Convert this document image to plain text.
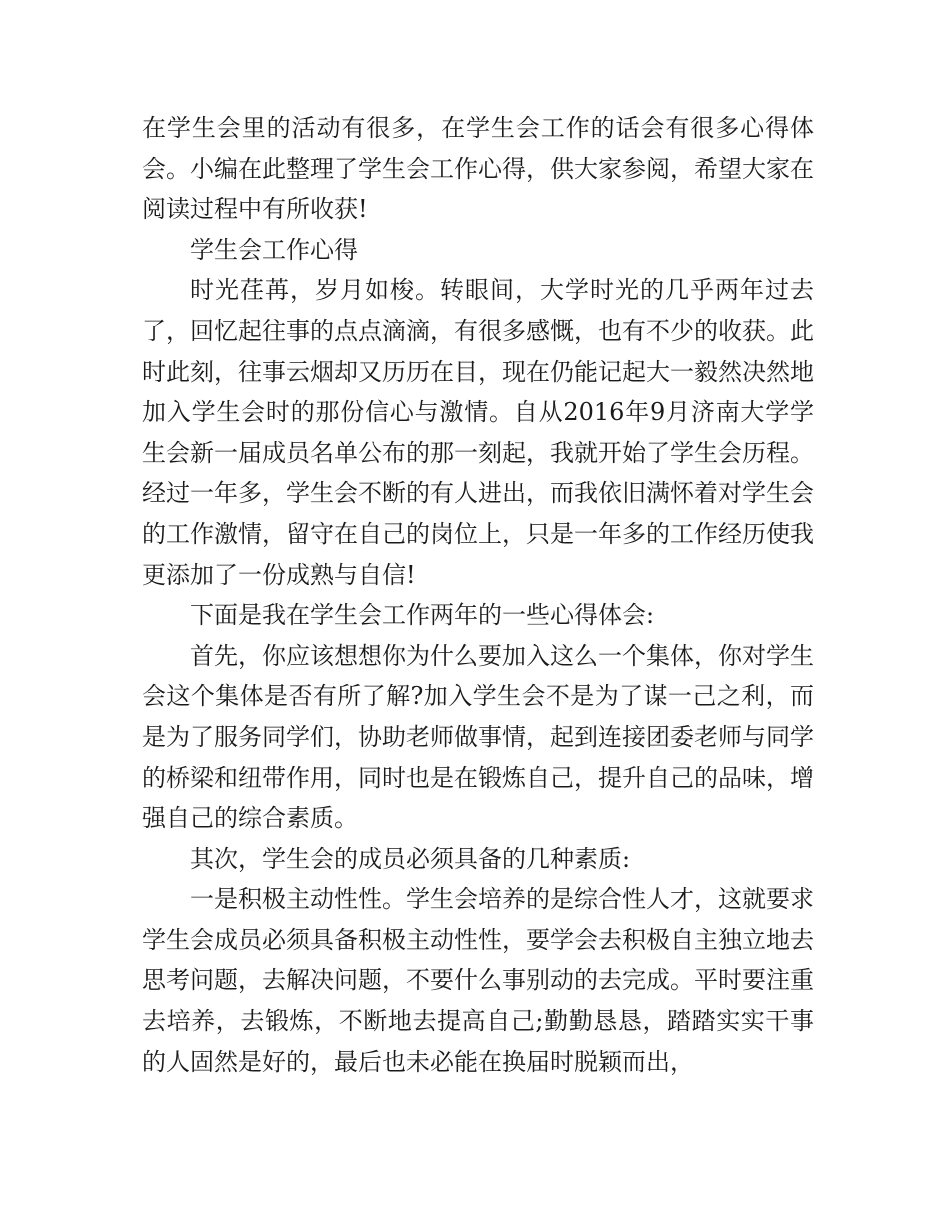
在学生会里的活动有很多，在学生会工作的话会有很多心得体会。小编在此整理了学生会工作心得，供大家参阅，希望大家在阅读过程中有所收获!

学生会工作心得

时光荏苒，岁月如梭。转眼间，大学时光的几乎两年过去了，回忆起往事的点点滴滴，有很多感慨，也有不少的收获。此时此刻，往事云烟却又历历在目，现在仍能记起大一毅然决然地加入学生会时的那份信心与激情。自从2016年9月济南大学学生会新一届成员名单公布的那一刻起，我就开始了学生会历程。经过一年多，学生会不断的有人进出，而我依旧满怀着对学生会的工作激情，留守在自己的岗位上，只是一年多的工作经历使我更添加了一份成熟与自信!

下面是我在学生会工作两年的一些心得体会:

首先，你应该想想你为什么要加入这么一个集体，你对学生会这个集体是否有所了解?加入学生会不是为了谋一己之利，而是为了服务同学们，协助老师做事情，起到连接团委老师与同学的桥梁和纽带作用，同时也是在锻炼自己，提升自己的品味，增强自己的综合素质。

其次，学生会的成员必须具备的几种素质:

一是积极主动性性。学生会培养的是综合性人才，这就要求学生会成员必须具备积极主动性性，要学会去积极自主独立地去思考问题，去解决问题，不要什么事别动的去完成。平时要注重去培养，去锻炼，不断地去提高自己;勤勤恳恳，踏踏实实干事的人固然是好的，最后也未必能在换届时脱颖而出，
